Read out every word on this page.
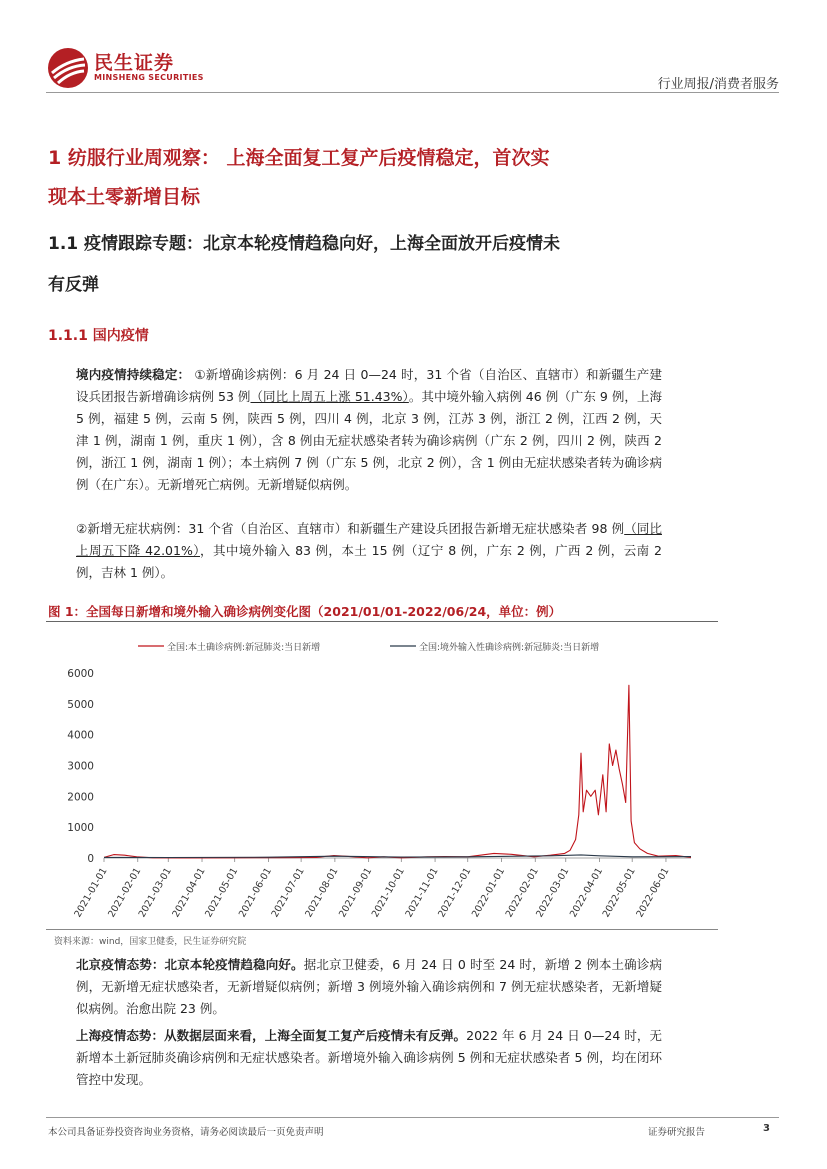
民生证券
MINSHENG SECURITIES	行业周报/消费者服务
1 纺服行业周观察： 上海全面复工复产后疫情稳定，首次实
现本土零新增目标
1.1 疫情跟踪专题：北京本轮疫情趋稳向好，上海全面放开后疫情未
有反弹
1.1.1 国内疫情
境内疫情持续稳定： ①新增确诊病例：6 月 24 日 0—24 时，31 个省（自治区、直辖市）和新疆生产建设兵团报告新增确诊病例 53 例（同比上周五上涨 51.43%）。其中境外输入病例 46 例（广东 9 例，上海 5 例，福建 5 例，云南 5 例，陕西 5 例，四川 4 例，北京 3 例，江苏 3 例，浙江 2 例，江西 2 例，天津 1 例，湖南 1 例，重庆 1 例），含 8 例由无症状感染者转为确诊病例（广东 2 例，四川 2 例，陕西 2 例，浙江 1 例，湖南 1 例）；本土病例 7 例（广东 5 例，北京 2 例），含 1 例由无症状感染者转为确诊病例（在广东）。无新增死亡病例。无新增疑似病例。
②新增无症状病例：31 个省（自治区、直辖市）和新疆生产建设兵团报告新增无症状感染者 98 例（同比上周五下降 42.01%），其中境外输入 83 例，本土 15 例（辽宁 8 例，广东 2 例，广西 2 例，云南 2 例，吉林 1 例）。
图 1：全国每日新增和境外输入确诊病例变化图（2021/01/01-2022/06/24，单位：例）
全国:本土确诊病例:新冠肺炎:当日新增	全国:境外输入性确诊病例:新冠肺炎:当日新增
6000
5000
4000
3000
2000
1000
0
2021-01-01
2021-02-01
2021-03-01
2021-04-01
2021-05-01
2021-06-01
2021-07-01
2021-08-01
2021-09-01
2021-10-01
2021-11-01
2021-12-01
2022-01-01
2022-02-01
2022-03-01
2022-04-01
2022-05-01
2022-06-01
资料来源：wind，国家卫健委，民生证券研究院
北京疫情态势：北京本轮疫情趋稳向好。据北京卫健委，6 月 24 日 0 时至 24 时，新增 2 例本土确诊病例，无新增无症状感染者，无新增疑似病例；新增 3 例境外输入确诊病例和 7 例无症状感染者，无新增疑似病例。治愈出院 23 例。
上海疫情态势：从数据层面来看，上海全面复工复产后疫情未有反弹。2022 年 6 月 24 日 0—24 时，无新增本土新冠肺炎确诊病例和无症状感染者。新增境外输入确诊病例 5 例和无症状感染者 5 例，均在闭环管控中发现。
本公司具备证券投资咨询业务资格，请务必阅读最后一页免责声明	证券研究报告	3
